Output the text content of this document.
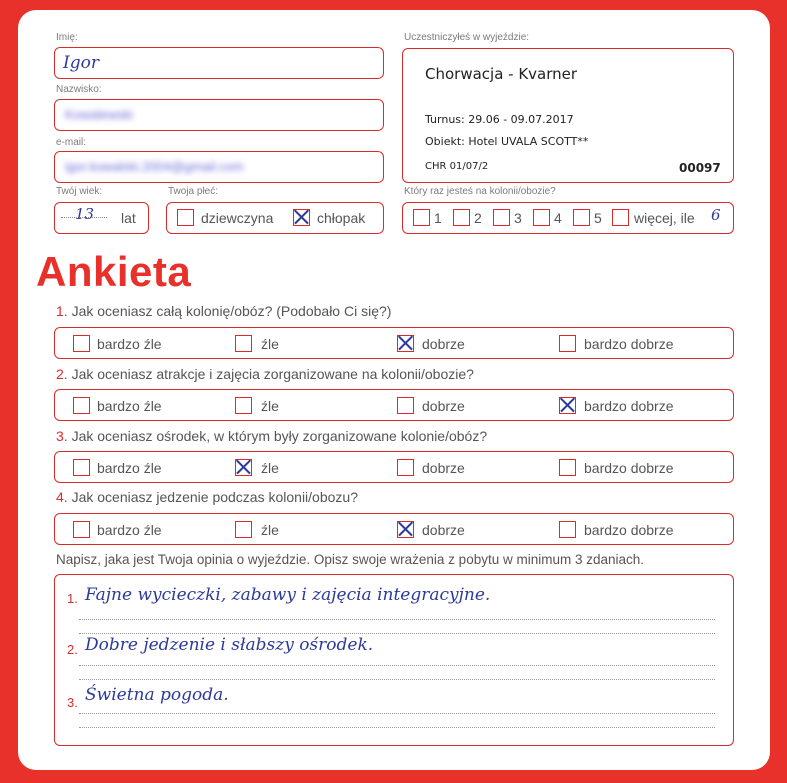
Imię:
Igor
Nazwisko:
Kowalewski
e-mail:
igor.kowalski.2004@gmail.com
Twój wiek:
13 lat
Twoja płeć:
dziewczyna	chłopak
Uczestniczyłeś w wyjeździe:
Chorwacja - Kvarner
Turnus: 29.06 - 09.07.2017
Obiekt: Hotel UVALA SCOTT**
CHR 01/07/2	00097
Który raz jesteś na kolonii/obozie?
1 2 3 4 5 więcej, ile 6
Ankieta
1. Jak oceniasz całą kolonię/obóz? (Podobało Ci się?)
bardzo źle	źle	dobrze	bardzo dobrze
2. Jak oceniasz atrakcje i zajęcia zorganizowane na kolonii/obozie?
bardzo źle	źle	dobrze	bardzo dobrze
3. Jak oceniasz ośrodek, w którym były zorganizowane kolonie/obóz?
bardzo źle	źle	dobrze	bardzo dobrze
4. Jak oceniasz jedzenie podczas kolonii/obozu?
bardzo źle	źle	dobrze	bardzo dobrze
Napisz, jaka jest Twoja opinia o wyjeździe. Opisz swoje wrażenia z pobytu w minimum 3 zdaniach.
1. Fajne wycieczki, zabawy i zajęcia integracyjne.
2. Dobre jedzenie i słabszy ośrodek.
3. Świetna pogoda.
